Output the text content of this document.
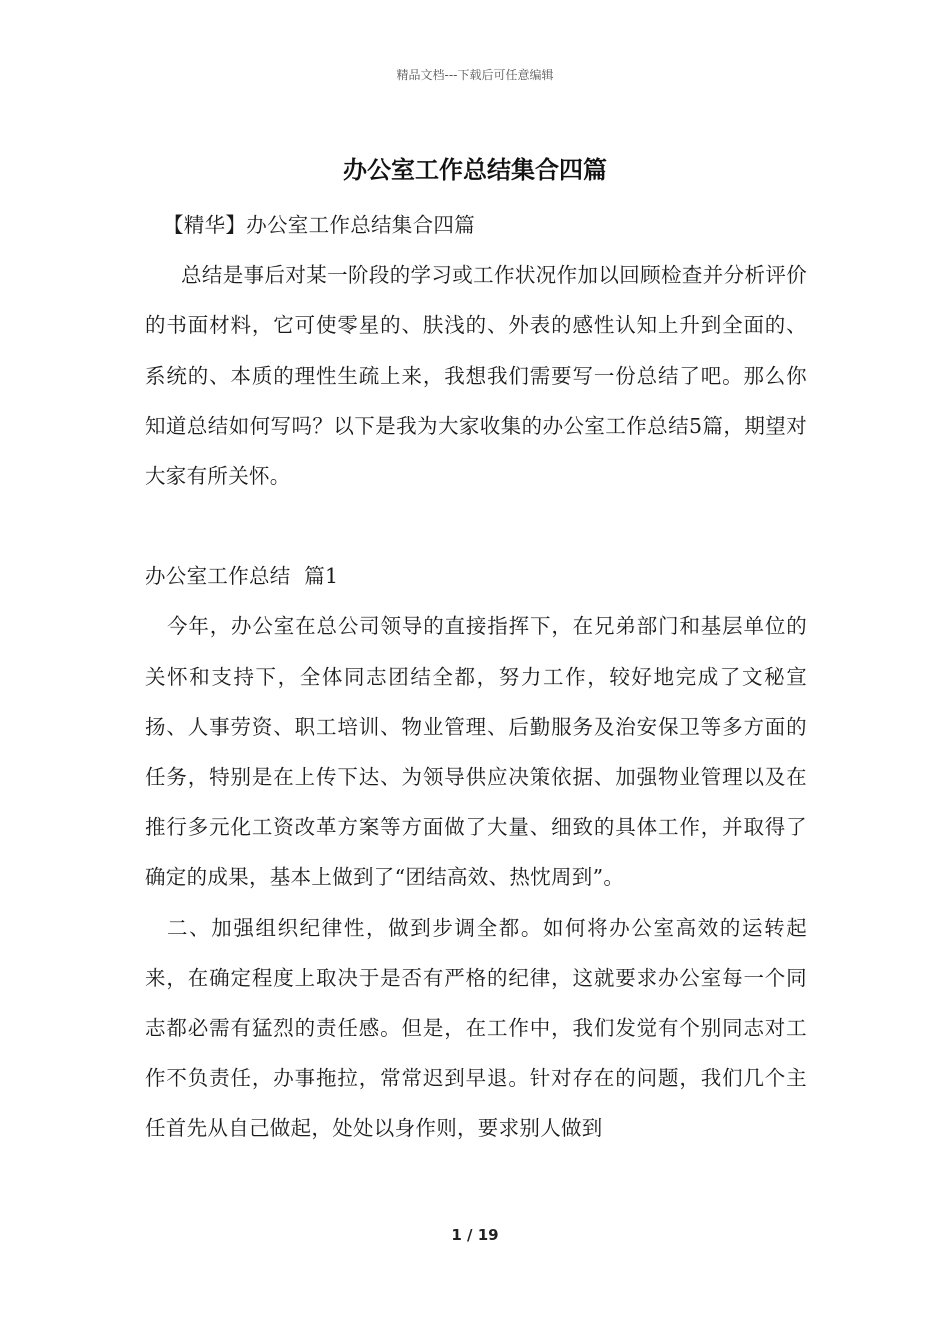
精品文档---下载后可任意编辑
办公室工作总结集合四篇

【精华】办公室工作总结集合四篇

总结是事后对某一阶段的学习或工作状况作加以回顾检查并分析评价的书面材料，它可使零星的、肤浅的、外表的感性认知上升到全面的、系统的、本质的理性生疏上来，我想我们需要写一份总结了吧。那么你知道总结如何写吗？以下是我为大家收集的办公室工作总结5篇，期望对大家有所关怀。

办公室工作总结  篇1

今年，办公室在总公司领导的直接指挥下，在兄弟部门和基层单位的关怀和支持下，全体同志团结全都，努力工作，较好地完成了文秘宣扬、人事劳资、职工培训、物业管理、后勤服务及治安保卫等多方面的任务，特别是在上传下达、为领导供应决策依据、加强物业管理以及在推行多元化工资改革方案等方面做了大量、细致的具体工作，并取得了确定的成果，基本上做到了“团结高效、热忱周到”。

二、加强组织纪律性，做到步调全都。如何将办公室高效的运转起来，在确定程度上取决于是否有严格的纪律，这就要求办公室每一个同志都必需有猛烈的责任感。但是，在工作中，我们发觉有个别同志对工作不负责任，办事拖拉，常常迟到早退。针对存在的问题，我们几个主任首先从自己做起，处处以身作则，要求别人做到

1 / 19
